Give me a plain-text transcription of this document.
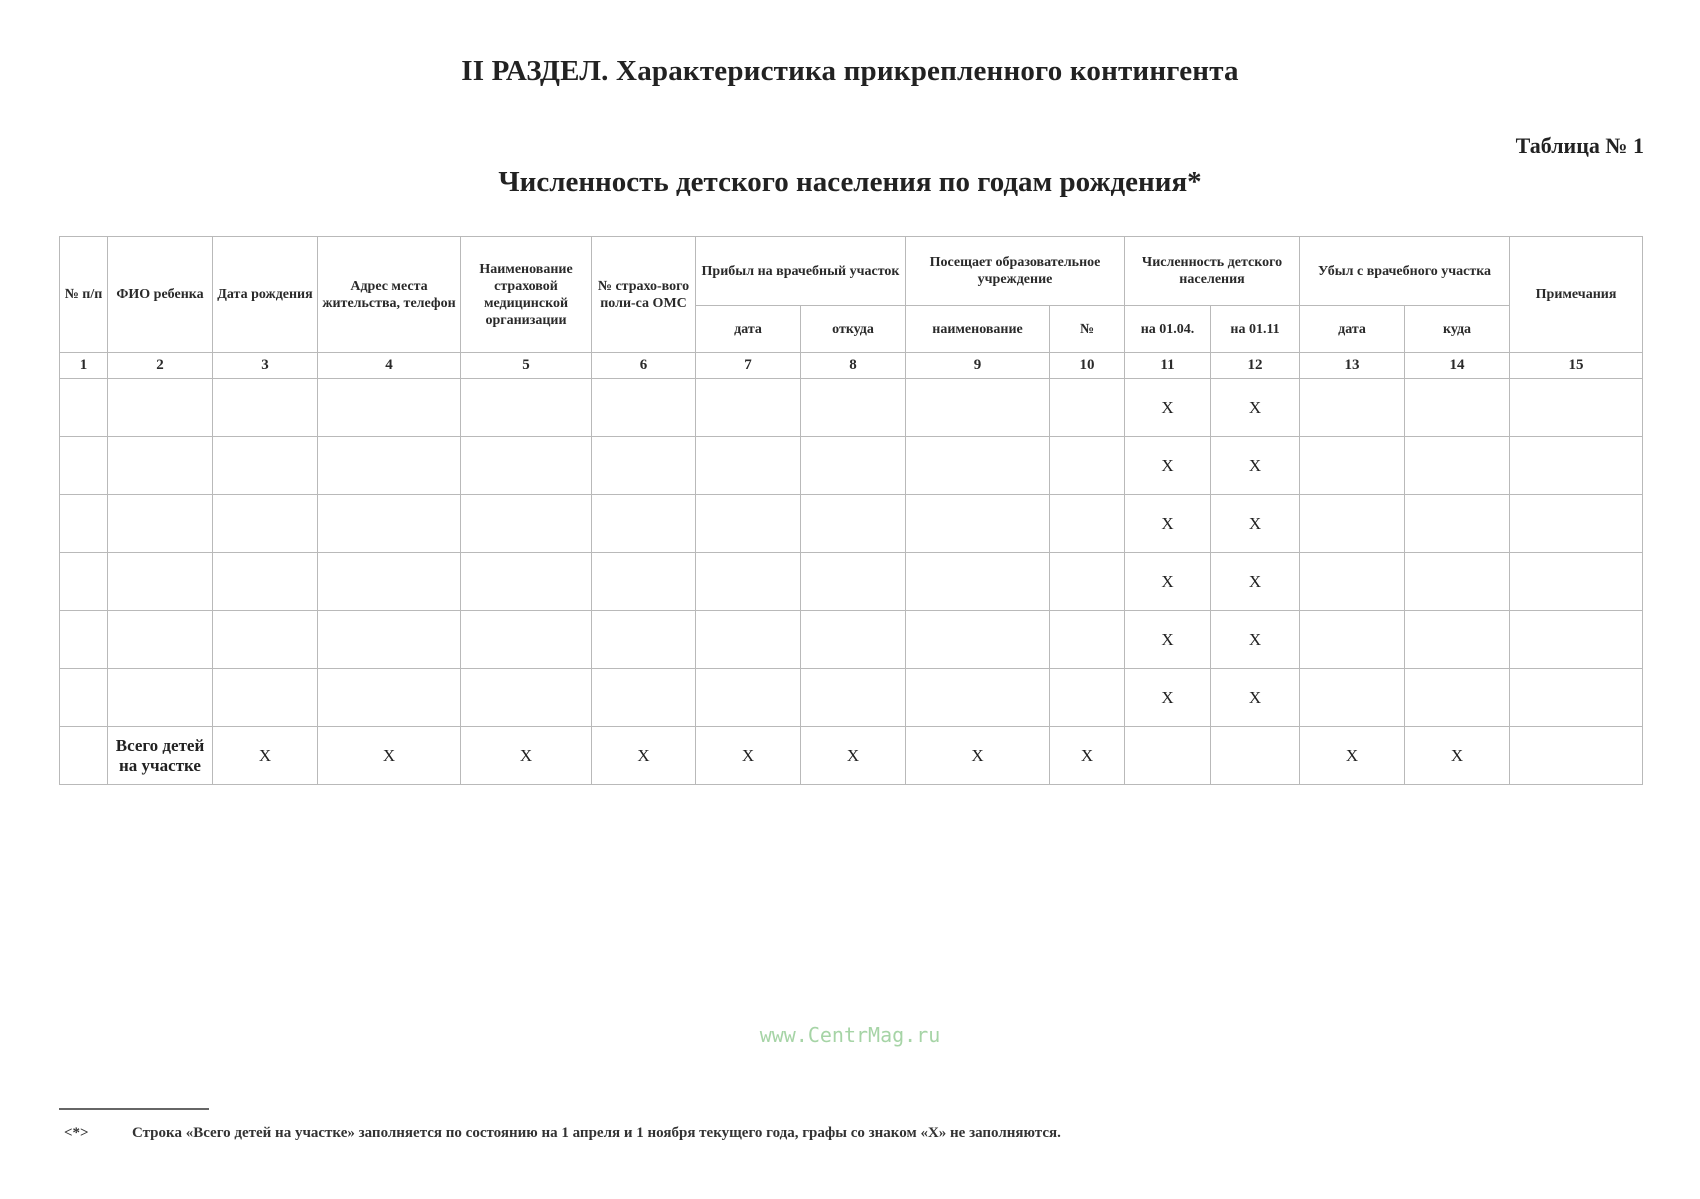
II РАЗДЕЛ. Характеристика прикрепленного контингента
Таблица № 1
Численность детского населения по годам рождения*
№ п/п	ФИО ребенка	Дата рождения	Адрес места жительства, телефон	Наименование страховой медицинской организации	№ страхо-вого поли-са ОМС	Прибыл на врачебный участок		Посещает образовательное учреждение		Численность детского населения		Убыл с врачебного участка		Примечания
						дата	откуда	наименование	№	на 01.04.	на 01.11	дата	куда	
1	2	3	4	5	6	7	8	9	10	11	12	13	14	15
										X	X			
										X	X			
										X	X			
										X	X			
										X	X			
										X	X			
	Всего детей на участке	X	X	X	X	X	X	X	X			X	X	
www.CentrMag.ru
<*>	Строка «Всего детей на участке» заполняется по состоянию на 1 апреля и 1 ноября текущего года, графы со знаком «X» не заполняются.
